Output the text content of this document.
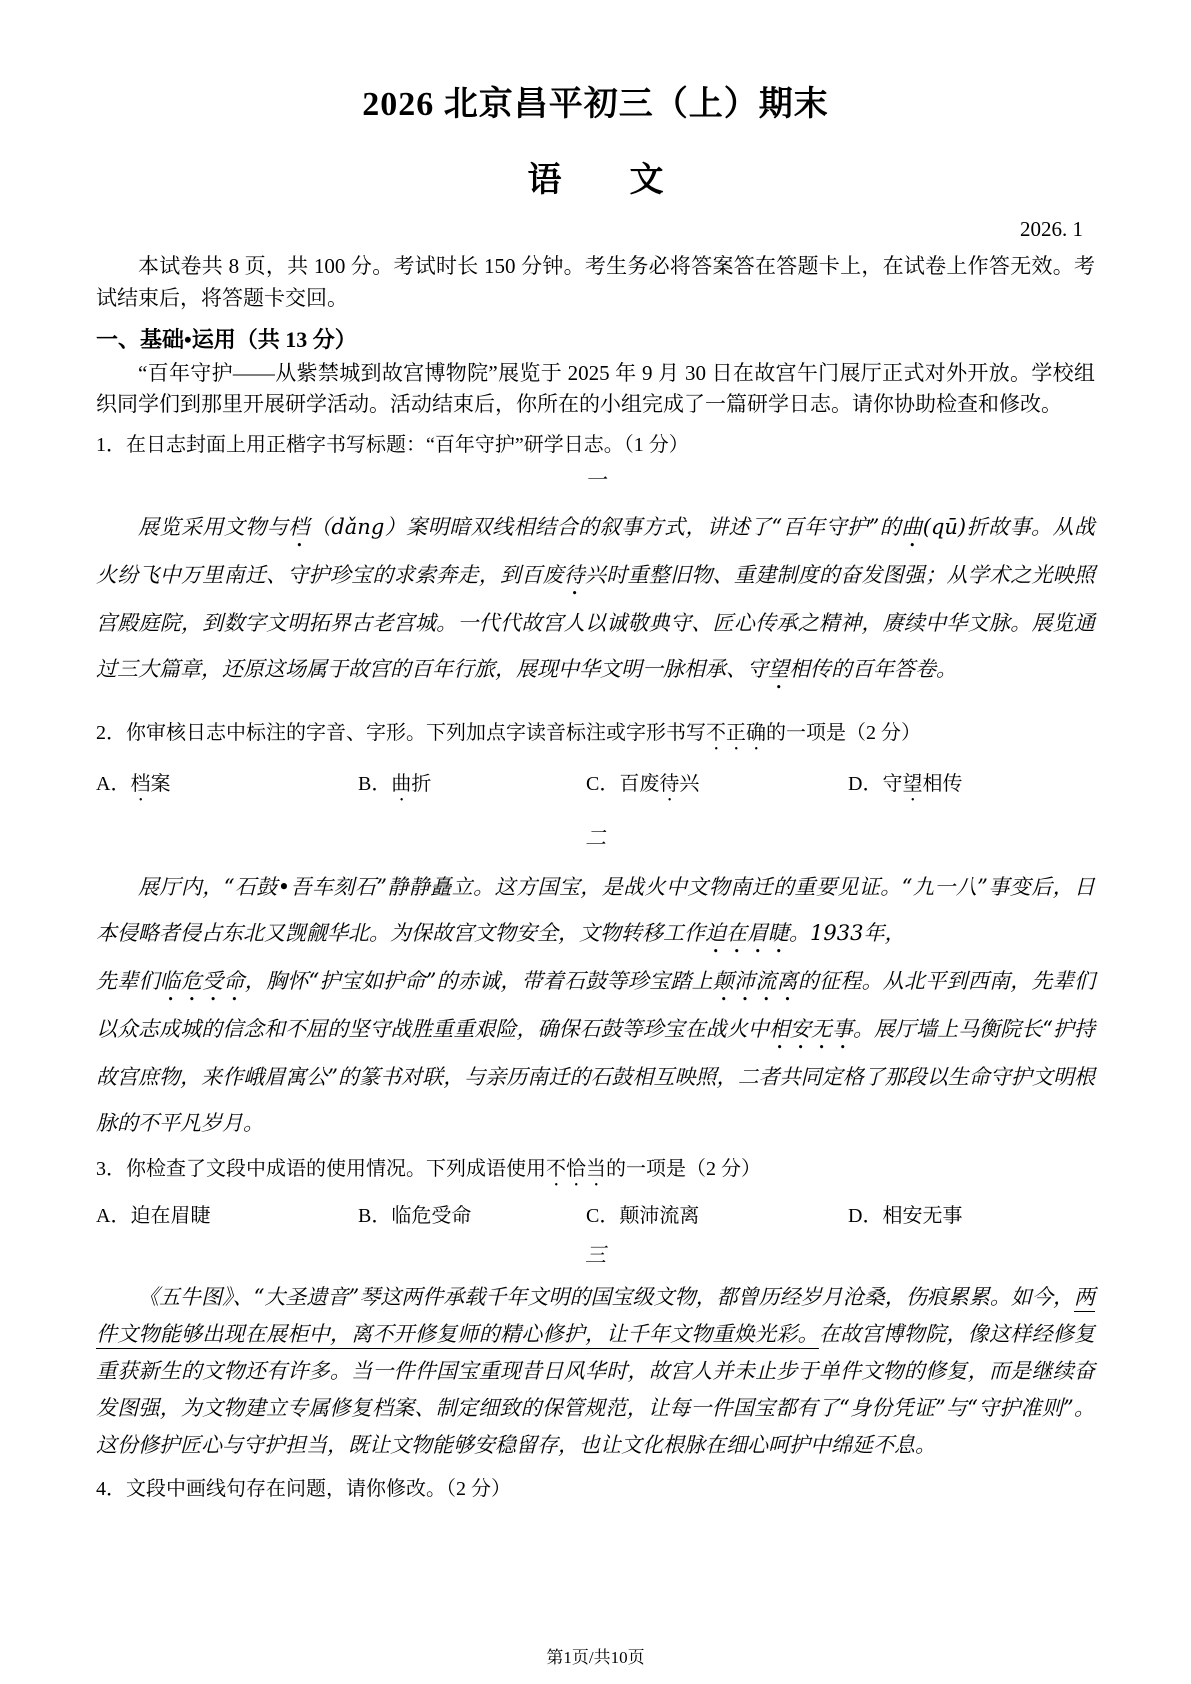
2026 北京昌平初三（上）期末
语　　文
2026. 1

本试卷共 8 页，共 100 分。考试时长 150 分钟。考生务必将答案答在答题卡上，在试卷上作答无效。考试结束后，将答题卡交回。

一、基础•运用（共 13 分）

“百年守护——从紫禁城到故宫博物院”展览于 2025 年 9 月 30 日在故宫午门展厅正式对外开放。学校组织同学们到那里开展研学活动。活动结束后，你所在的小组完成了一篇研学日志。请你协助检查和修改。

1．在日志封面上用正楷字书写标题：“百年守护”研学日志。（1 分）

一

展览采用文物与档（dǎng）案明暗双线相结合的叙事方式，讲述了“百年守护”的曲(qū)折故事。从战火纷飞中万里南迁、守护珍宝的求索奔走，到百废待兴时重整旧物、重建制度的奋发图强；从学术之光映照宫殿庭院，到数字文明拓界古老宫城。一代代故宫人以诚敬典守、匠心传承之精神，赓续中华文脉。展览通过三大篇章，还原这场属于故宫的百年行旅，展现中华文明一脉相承、守望相传的百年答卷。

2．你审核日志中标注的字音、字形。下列加点字读音标注或字形书写不正确的一项是（2 分）

A．档案	B．曲折	C．百废待兴	D．守望相传
二

展厅内，“石鼓•吾车刻石”静静矗立。这方国宝，是战火中文物南迁的重要见证。“九一八”事变后，日本侵略者侵占东北又觊觎华北。为保故宫文物安全，文物转移工作迫在眉睫。1933年，
先辈们临危受命，胸怀“护宝如护命”的赤诚，带着石鼓等珍宝踏上颠沛流离的征程。从北平到西南，先辈们以众志成城的信念和不屈的坚守战胜重重艰险，确保石鼓等珍宝在战火中相安无事。展厅墙上马衡院长“护持故宫庶物，来作峨眉寓公”的篆书对联，与亲历南迁的石鼓相互映照，二者共同定格了那段以生命守护文明根脉的不平凡岁月。

3．你检查了文段中成语的使用情况。下列成语使用不恰当的一项是（2 分）

A．迫在眉睫	B．临危受命	C．颠沛流离	D．相安无事
三

《五牛图》、“大圣遗音”琴这两件承载千年文明的国宝级文物，都曾历经岁月沧桑，伤痕累累。如今，两件文物能够出现在展柜中，离不开修复师的精心修护，让千年文物重焕光彩。在故宫博物院，像这样经修复重获新生的文物还有许多。当一件件国宝重现昔日风华时，故宫人并未止步于单件文物的修复，而是继续奋发图强，为文物建立专属修复档案、制定细致的保管规范，让每一件国宝都有了“身份凭证”与“守护准则”。这份修护匠心与守护担当，既让文物能够安稳留存，也让文化根脉在细心呵护中绵延不息。

4．文段中画线句存在问题，请你修改。（2 分）

第1页/共10页
